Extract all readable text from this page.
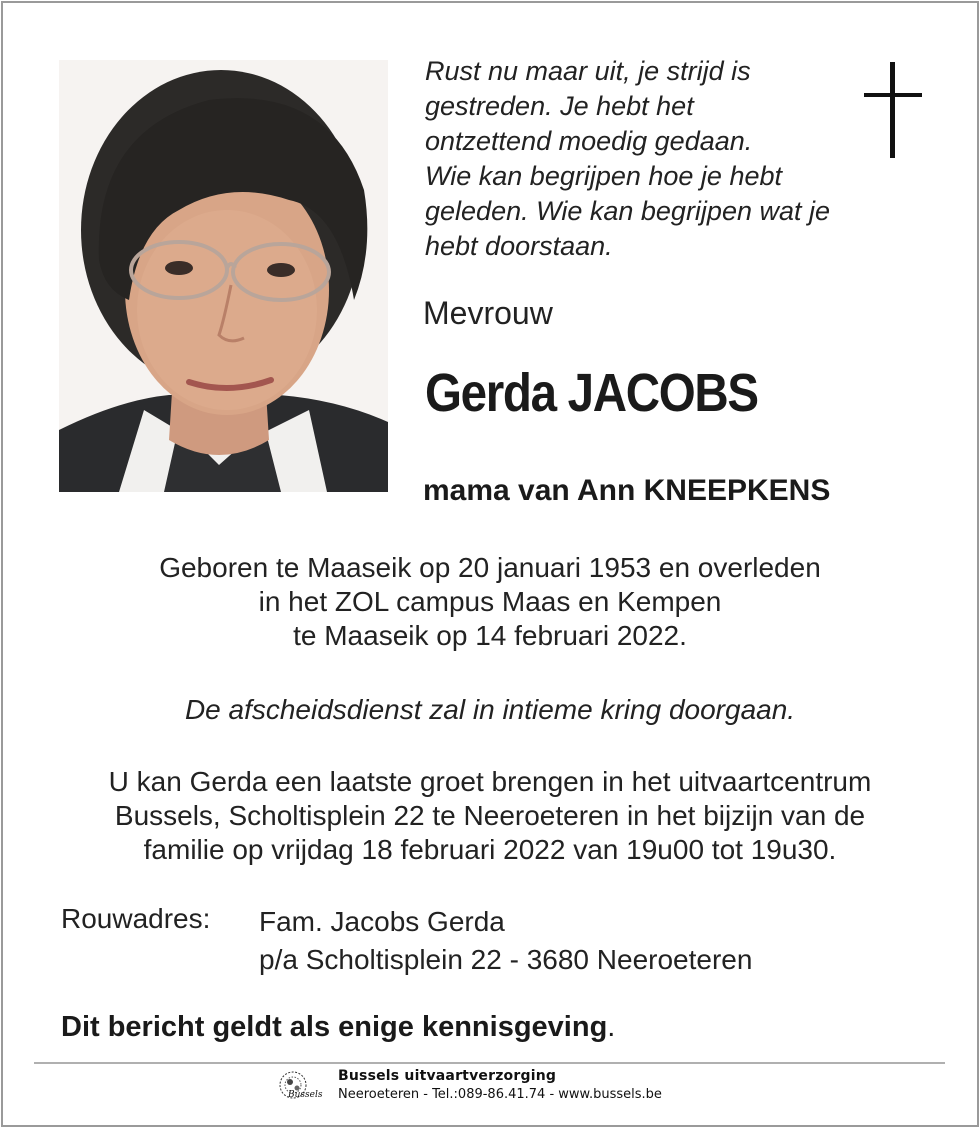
Rust nu maar uit, je strijd is
gestreden. Je hebt het
ontzettend moedig gedaan.
Wie kan begrijpen hoe je hebt
geleden. Wie kan begrijpen wat je
hebt doorstaan.
Mevrouw
Gerda JACOBS
mama van Ann KNEEPKENS
Geboren te Maaseik op 20 januari 1953 en overleden
in het ZOL campus Maas en Kempen
te Maaseik op 14 februari 2022.
De afscheidsdienst zal in intieme kring doorgaan.
U kan Gerda een laatste groet brengen in het uitvaartcentrum
Bussels, Scholtisplein 22 te Neeroeteren in het bijzijn van de
familie op vrijdag 18 februari 2022 van 19u00 tot 19u30.
Rouwadres: Fam. Jacobs Gerda
p/a Scholtisplein 22 - 3680 Neeroeteren
Dit bericht geldt als enige kennisgeving.
Bussels
Bussels uitvaartverzorging
Neeroeteren - Tel.:089-86.41.74 - www.bussels.be
